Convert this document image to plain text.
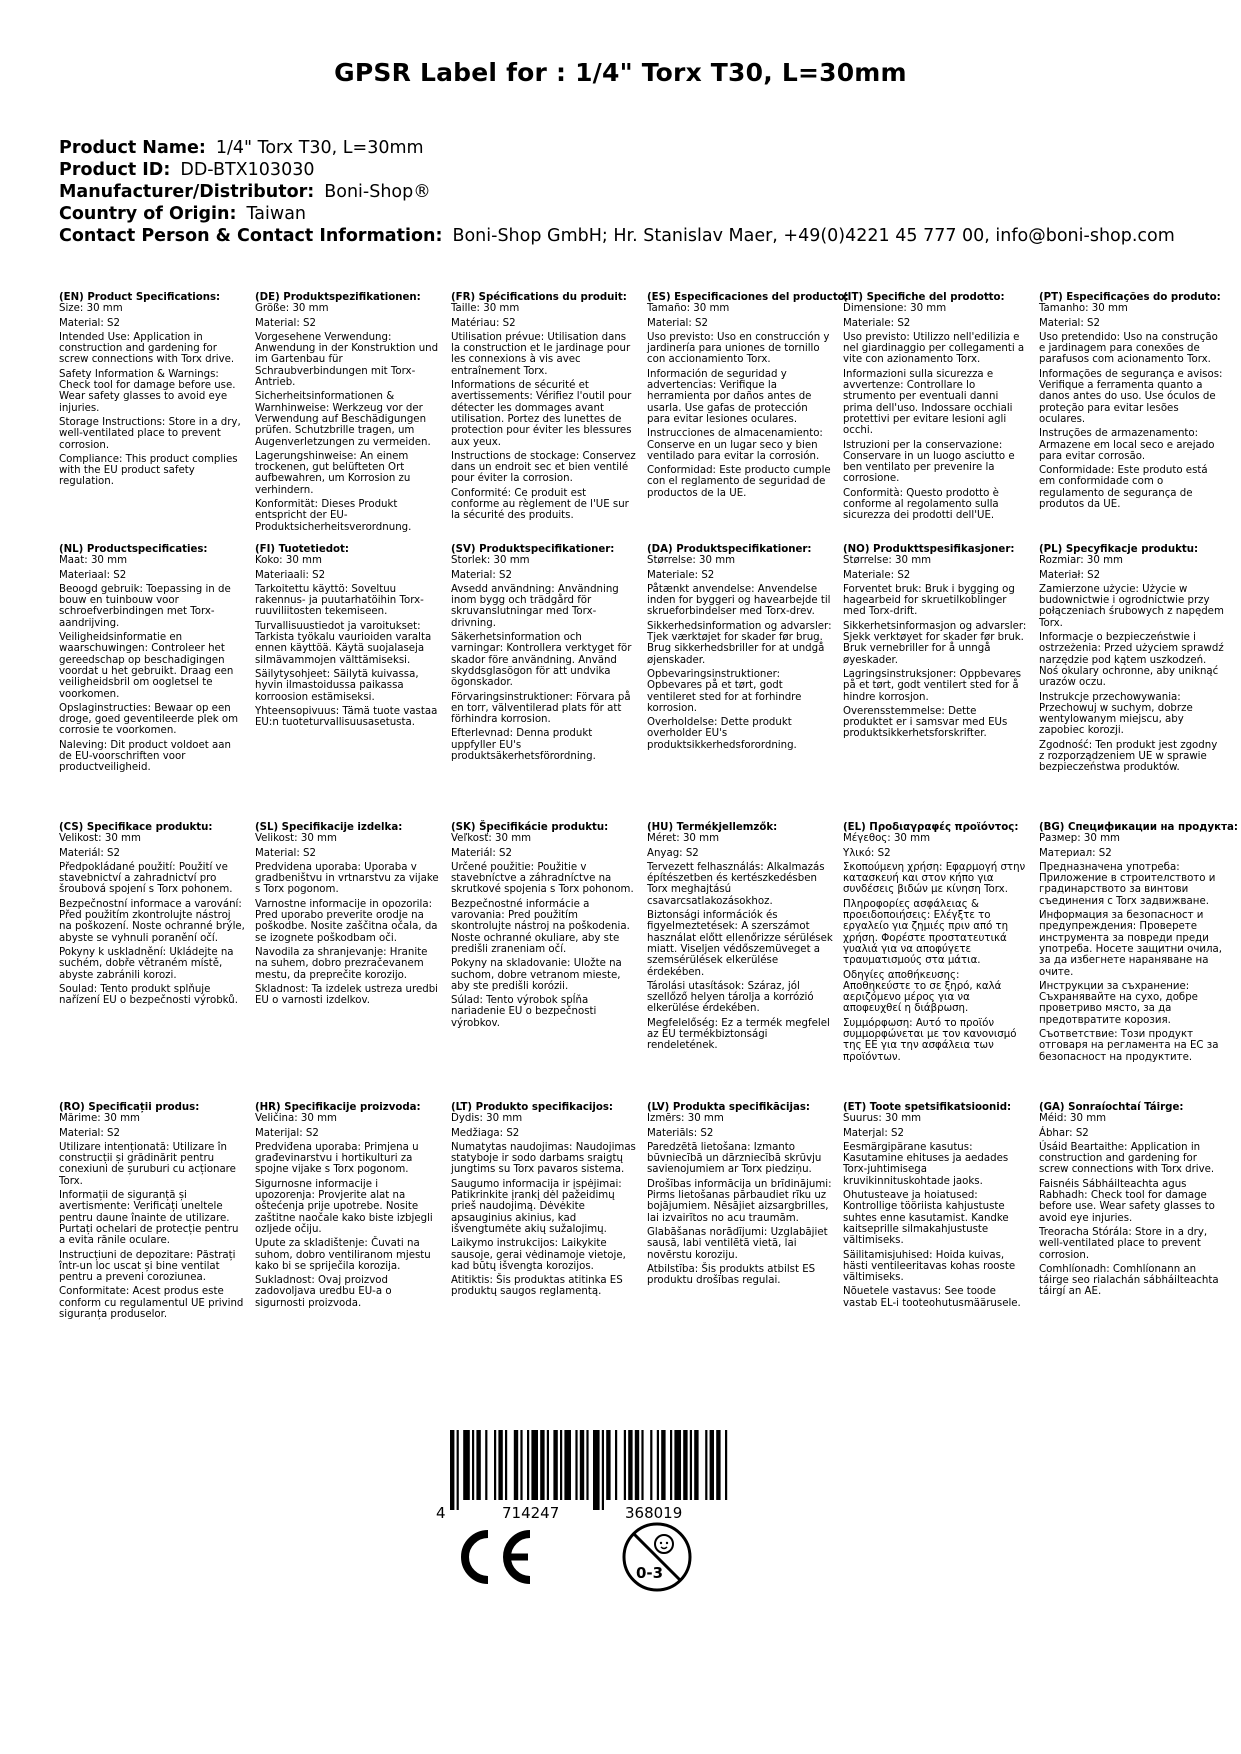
GPSR Label for : 1/4" Torx T30, L=30mm
Product Name: 1/4" Torx T30, L=30mm
Product ID: DD-BTX103030
Manufacturer/Distributor: Boni-Shop®
Country of Origin: Taiwan
Contact Person & Contact Information: Boni-Shop GmbH; Hr. Stanislav Maer, +49(0)4221 45 777 00, info@boni-shop.com
(EN) Product Specifications:
Size: 30 mm
Material: S2
Intended Use: Application in construction and gardening for screw connections with Torx drive.
Safety Information & Warnings: Check tool for damage before use. Wear safety glasses to avoid eye injuries.
Storage Instructions: Store in a dry, well-ventilated place to prevent corrosion.
Compliance: This product complies with the EU product safety regulation.
(DE) Produktspezifikationen:
Größe: 30 mm
Material: S2
Vorgesehene Verwendung: Anwendung in der Konstruktion und im Gartenbau für Schraubverbindungen mit Torx-Antrieb.
Sicherheitsinformationen & Warnhinweise: Werkzeug vor der Verwendung auf Beschädigungen prüfen. Schutzbrille tragen, um Augenverletzungen zu vermeiden.
Lagerungshinweise: An einem trockenen, gut belüfteten Ort aufbewahren, um Korrosion zu verhindern.
Konformität: Dieses Produkt entspricht der EU-Produktsicherheitsverordnung.
(FR) Spécifications du produit:
Taille: 30 mm
Matériau: S2
Utilisation prévue: Utilisation dans la construction et le jardinage pour les connexions à vis avec entraînement Torx.
Informations de sécurité et avertissements: Vérifiez l'outil pour détecter les dommages avant utilisation. Portez des lunettes de protection pour éviter les blessures aux yeux.
Instructions de stockage: Conservez dans un endroit sec et bien ventilé pour éviter la corrosion.
Conformité: Ce produit est conforme au règlement de l'UE sur la sécurité des produits.
(ES) Especificaciones del producto:
Tamaño: 30 mm
Material: S2
Uso previsto: Uso en construcción y jardinería para uniones de tornillo con accionamiento Torx.
Información de seguridad y advertencias: Verifique la herramienta por daños antes de usarla. Use gafas de protección para evitar lesiones oculares.
Instrucciones de almacenamiento: Conserve en un lugar seco y bien ventilado para evitar la corrosión.
Conformidad: Este producto cumple con el reglamento de seguridad de productos de la UE.
(IT) Specifiche del prodotto:
Dimensione: 30 mm
Materiale: S2
Uso previsto: Utilizzo nell'edilizia e nel giardinaggio per collegamenti a vite con azionamento Torx.
Informazioni sulla sicurezza e avvertenze: Controllare lo strumento per eventuali danni prima dell'uso. Indossare occhiali protettivi per evitare lesioni agli occhi.
Istruzioni per la conservazione: Conservare in un luogo asciutto e ben ventilato per prevenire la corrosione.
Conformità: Questo prodotto è conforme al regolamento sulla sicurezza dei prodotti dell'UE.
(PT) Especificações do produto:
Tamanho: 30 mm
Material: S2
Uso pretendido: Uso na construção e jardinagem para conexões de parafusos com acionamento Torx.
Informações de segurança e avisos: Verifique a ferramenta quanto a danos antes do uso. Use óculos de proteção para evitar lesões oculares.
Instruções de armazenamento: Armazene em local seco e arejado para evitar corrosão.
Conformidade: Este produto está em conformidade com o regulamento de segurança de produtos da UE.
(NL) Productspecificaties:
Maat: 30 mm
Materiaal: S2
Beoogd gebruik: Toepassing in de bouw en tuinbouw voor schroefverbindingen met Torx-aandrijving.
Veiligheidsinformatie en waarschuwingen: Controleer het gereedschap op beschadigingen voordat u het gebruikt. Draag een veiligheidsbril om oogletsel te voorkomen.
Opslaginstructies: Bewaar op een droge, goed geventileerde plek om corrosie te voorkomen.
Naleving: Dit product voldoet aan de EU-voorschriften voor productveiligheid.
(FI) Tuotetiedot:
Koko: 30 mm
Materiaali: S2
Tarkoitettu käyttö: Soveltuu rakennus- ja puutarhatöihin Torx-ruuviliitosten tekemiseen.
Turvallisuustiedot ja varoitukset: Tarkista työkalu vaurioiden varalta ennen käyttöä. Käytä suojalaseja silmävammojen välttämiseksi.
Säilytysohjeet: Säilytä kuivassa, hyvin ilmastoidussa paikassa korroosion estämiseksi.
Yhteensopivuus: Tämä tuote vastaa EU:n tuoteturvallisuusasetusta.
(SV) Produktspecifikationer:
Storlek: 30 mm
Material: S2
Avsedd användning: Användning inom bygg och trädgård för skruvanslutningar med Torx-drivning.
Säkerhetsinformation och varningar: Kontrollera verktyget för skador före användning. Använd skyddsglasögon för att undvika ögonskador.
Förvaringsinstruktioner: Förvara på en torr, välventilerad plats för att förhindra korrosion.
Efterlevnad: Denna produkt uppfyller EU's produktsäkerhetsförordning.
(DA) Produktspecifikationer:
Størrelse: 30 mm
Materiale: S2
Påtænkt anvendelse: Anvendelse inden for byggeri og havearbejde til skrueforbindelser med Torx-drev.
Sikkerhedsinformation og advarsler: Tjek værktøjet for skader før brug. Brug sikkerhedsbriller for at undgå øjenskader.
Opbevaringsinstruktioner: Opbevares på et tørt, godt ventileret sted for at forhindre korrosion.
Overholdelse: Dette produkt overholder EU's produktsikkerhedsforordning.
(NO) Produkttspesifikasjoner:
Størrelse: 30 mm
Materiale: S2
Forventet bruk: Bruk i bygging og hagearbeid for skruetilkoblinger med Torx-drift.
Sikkerhetsinformasjon og advarsler: Sjekk verktøyet for skader før bruk. Bruk vernebriller for å unngå øyeskader.
Lagringsinstruksjoner: Oppbevares på et tørt, godt ventilert sted for å hindre korrosjon.
Overensstemmelse: Dette produktet er i samsvar med EUs produktsikkerhetsforskrifter.
(PL) Specyfikacje produktu:
Rozmiar: 30 mm
Materiał: S2
Zamierzone użycie: Użycie w budownictwie i ogrodnictwie przy połączeniach śrubowych z napędem Torx.
Informacje o bezpieczeństwie i ostrzeżenia: Przed użyciem sprawdź narzędzie pod kątem uszkodzeń. Noś okulary ochronne, aby uniknąć urazów oczu.
Instrukcje przechowywania: Przechowuj w suchym, dobrze wentylowanym miejscu, aby zapobiec korozji.
Zgodność: Ten produkt jest zgodny z rozporządzeniem UE w sprawie bezpieczeństwa produktów.
(CS) Specifikace produktu:
Velikost: 30 mm
Materiál: S2
Předpokládané použití: Použití ve stavebnictví a zahradnictví pro šroubová spojení s Torx pohonem.
Bezpečnostní informace a varování: Před použitím zkontrolujte nástroj na poškození. Noste ochranné brýle, abyste se vyhnuli poranění očí.
Pokyny k uskladnění: Ukládejte na suchém, dobře větraném místě, abyste zabránili korozi.
Soulad: Tento produkt splňuje nařízení EU o bezpečnosti výrobků.
(SL) Specifikacije izdelka:
Velikost: 30 mm
Material: S2
Predvidena uporaba: Uporaba v gradbeništvu in vrtnarstvu za vijake s Torx pogonom.
Varnostne informacije in opozorila: Pred uporabo preverite orodje na poškodbe. Nosite zaščitna očala, da se izognete poškodbam oči.
Navodila za shranjevanje: Hranite na suhem, dobro prezračevanem mestu, da preprečite korozijo.
Skladnost: Ta izdelek ustreza uredbi EU o varnosti izdelkov.
(SK) Špecifikácie produktu:
Veľkosť: 30 mm
Materiál: S2
Určené použitie: Použitie v stavebníctve a záhradníctve na skrutkové spojenia s Torx pohonom.
Bezpečnostné informácie a varovania: Pred použitím skontrolujte nástroj na poškodenia. Noste ochranné okuliare, aby ste predišli zraneniam očí.
Pokyny na skladovanie: Uložte na suchom, dobre vetranom mieste, aby ste predišli korózii.
Súlad: Tento výrobok spĺňa nariadenie EU o bezpečnosti výrobkov.
(HU) Termékjellemzők:
Méret: 30 mm
Anyag: S2
Tervezett felhasználás: Alkalmazás építészetben és kertészkedésben Torx meghajtású csavarcsatlakozásokhoz.
Biztonsági információk és figyelmeztetések: A szerszámot használat előtt ellenőrizze sérülések miatt. Viseljen védőszemüveget a szemsérülések elkerülése érdekében.
Tárolási utasítások: Száraz, jól szellőző helyen tárolja a korrózió elkerülése érdekében.
Megfelelőség: Ez a termék megfelel az EU termékbiztonsági rendeletének.
(EL) Προδιαγραφές προϊόντος:
Μέγεθος: 30 mm
Υλικό: S2
Σκοπούμενη χρήση: Εφαρμογή στην κατασκευή και στον κήπο για συνδέσεις βιδών με κίνηση Torx.
Πληροφορίες ασφάλειας & προειδοποιήσεις: Ελέγξτε το εργαλείο για ζημιές πριν από τη χρήση. Φορέστε προστατευτικά γυαλιά για να αποφύγετε τραυματισμούς στα μάτια.
Οδηγίες αποθήκευσης: Αποθηκεύστε το σε ξηρό, καλά αεριζόμενο μέρος για να αποφευχθεί η διάβρωση.
Συμμόρφωση: Αυτό το προϊόν συμμορφώνεται με τον κανονισμό της ΕΕ για την ασφάλεια των προϊόντων.
(BG) Спецификации на продукта:
Размер: 30 mm
Материал: S2
Предназначена употреба: Приложение в строителството и градинарството за винтови съединения с Torx задвижване.
Информация за безопасност и предупреждения: Проверете инструмента за повреди преди употреба. Носете защитни очила, за да избегнете нараняване на очите.
Инструкции за съхранение: Съхранявайте на сухо, добре проветриво място, за да предотвратите корозия.
Съответствие: Този продукт отговаря на регламента на ЕС за безопасност на продуктите.
(RO) Specificații produs:
Mărime: 30 mm
Material: S2
Utilizare intenționată: Utilizare în construcții și grădinărit pentru conexiuni de șuruburi cu acționare Torx.
Informații de siguranță și avertismente: Verificați uneltele pentru daune înainte de utilizare. Purtați ochelari de protecție pentru a evita rănile oculare.
Instrucțiuni de depozitare: Păstrați într-un loc uscat și bine ventilat pentru a preveni coroziunea.
Conformitate: Acest produs este conform cu regulamentul UE privind siguranța produselor.
(HR) Specifikacije proizvoda:
Veličina: 30 mm
Materijal: S2
Predviđena uporaba: Primjena u građevinarstvu i hortikulturi za spojne vijake s Torx pogonom.
Sigurnosne informacije i upozorenja: Provjerite alat na oštećenja prije upotrebe. Nosite zaštitne naočale kako biste izbjegli ozljede očiju.
Upute za skladištenje: Čuvati na suhom, dobro ventiliranom mjestu kako bi se spriječila korozija.
Sukladnost: Ovaj proizvod zadovoljava uredbu EU-a o sigurnosti proizvoda.
(LT) Produkto specifikacijos:
Dydis: 30 mm
Medžiaga: S2
Numatytas naudojimas: Naudojimas statyboje ir sodo darbams sraigtų jungtims su Torx pavaros sistema.
Saugumo informacija ir įspėjimai: Patikrinkite įrankį dėl pažeidimų prieš naudojimą. Dėvėkite apsauginius akinius, kad išvengtumėte akių sužalojimų.
Laikymo instrukcijos: Laikykite sausoje, gerai vėdinamoje vietoje, kad būtų išvengta korozijos.
Atitiktis: Šis produktas atitinka ES produktų saugos reglamentą.
(LV) Produkta specifikācijas:
Izmērs: 30 mm
Materiāls: S2
Paredzētā lietošana: Izmanto būvniecībā un dārzniecībā skrūvju savienojumiem ar Torx piedziņu.
Drošības informācija un brīdinājumi: Pirms lietošanas pārbaudiet rīku uz bojājumiem. Nēsājiet aizsargbrilles, lai izvairītos no acu traumām.
Glabāšanas norādījumi: Uzglabājiet sausā, labi ventilētā vietā, lai novērstu koroziju.
Atbilstība: Šis produkts atbilst ES produktu drošības regulai.
(ET) Toote spetsifikatsioonid:
Suurus: 30 mm
Materjal: S2
Eesmärgipärane kasutus: Kasutamine ehituses ja aedades Torx-juhtimisega kruvikinnituskohtade jaoks.
Ohutusteave ja hoiatused: Kontrollige tööriista kahjustuste suhtes enne kasutamist. Kandke kaitseprille silmakahjustuste vältimiseks.
Säilitamisjuhised: Hoida kuivas, hästi ventileeritavas kohas rooste vältimiseks.
Nõuetele vastavus: See toode vastab EL-i tooteohutusmäärusele.
(GA) Sonraíochtaí Táirge:
Méid: 30 mm
Ábhar: S2
Úsáid Beartaithe: Application in construction and gardening for screw connections with Torx drive.
Faisnéis Sábháilteachta agus Rabhadh: Check tool for damage before use. Wear safety glasses to avoid eye injuries.
Treoracha Stórála: Store in a dry, well-ventilated place to prevent corrosion.
Comhlíonadh: Comhlíonann an táirge seo rialachán sábháilteachta táirgí an AE.
4	714247	368019
0-3
